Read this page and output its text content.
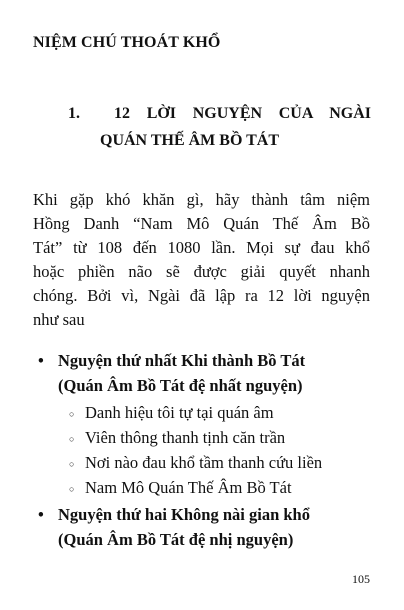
NIỆM CHÚ THOÁT KHỔ
1.	12 LỜI NGUYỆN CỦA NGÀI
QUÁN THẾ ÂM BỒ TÁT
Khi gặp khó khăn gì, hãy thành tâm niệm
Hồng Danh “Nam Mô Quán Thế Âm Bồ
Tát” từ 108 đến 1080 lần. Mọi sự đau khổ
hoặc phiền não sẽ được giải quyết nhanh
chóng. Bởi vì, Ngài đã lập ra 12 lời nguyện
như sau
• Nguyện thứ nhất Khi thành Bồ Tát
(Quán Âm Bồ Tát đệ nhất nguyện)
○ Danh hiệu tôi tự tại quán âm
○ Viên thông thanh tịnh căn trần
○ Nơi nào đau khổ tầm thanh cứu liền
○ Nam Mô Quán Thế Âm Bồ Tát
• Nguyện thứ hai Không nài gian khổ
(Quán Âm Bồ Tát đệ nhị nguyện)
105
